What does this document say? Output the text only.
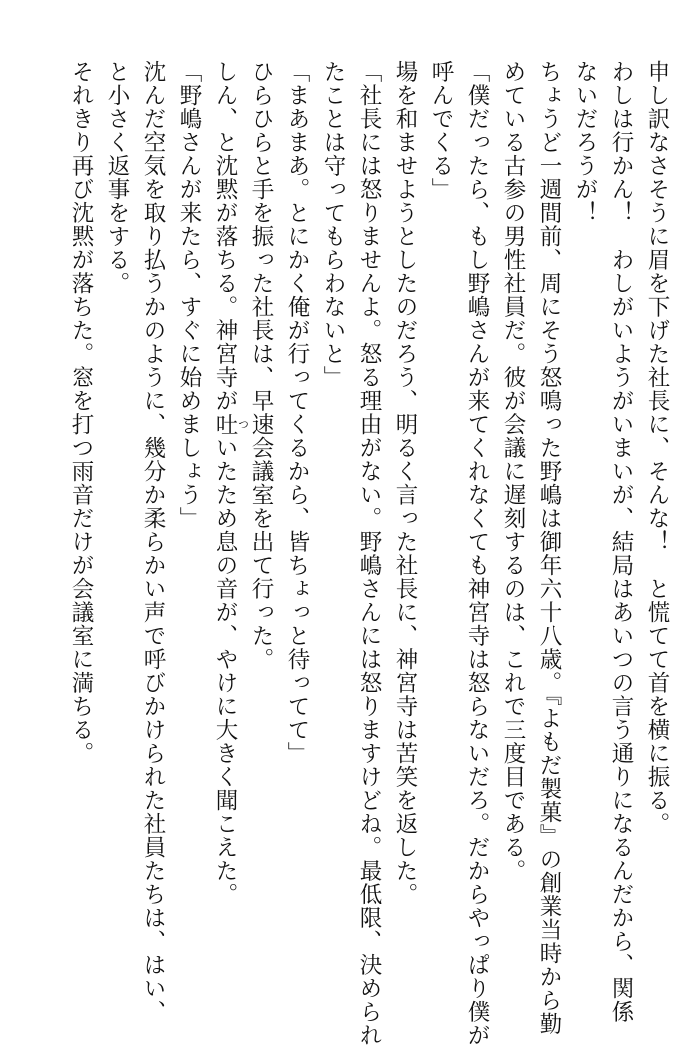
申し訳なさそうに眉を下げた社長に、そんな！　と慌てて首を横に振る。
わしは行かん！　わしがいようがいまいが、結局はあいつの言う通りになるんだから、関係
ないだろうが！
ちょうど一週間前、周にそう怒鳴った野嶋は御年六十八歳。『よもだ製菓』の創業当時から勤
めている古参の男性社員だ。彼が会議に遅刻するのは、これで三度目である。
「僕だったら、もし野嶋さんが来てくれなくても神宮寺は怒らないだろ。だからやっぱり僕が
呼んでくる」
場を和ませようとしたのだろう、明るく言った社長に、神宮寺は苦笑を返した。
「社長には怒りませんよ。怒る理由がない。野嶋さんには怒りますけどね。最低限、決められ
たことは守ってもらわないと」
「まあまあ。とにかく俺が行ってくるから、皆ちょっと待ってて」
ひらひらと手を振った社長は、早速会議室を出て行った。
しん、と沈黙が落ちる。神宮寺が吐ついたため息の音が、やけに大きく聞こえた。
「野嶋さんが来たら、すぐに始めましょう」
沈んだ空気を取り払うかのように、幾分か柔らかい声で呼びかけられた社員たちは、はい、
と小さく返事をする。
それきり再び沈黙が落ちた。窓を打つ雨音だけが会議室に満ちる。
